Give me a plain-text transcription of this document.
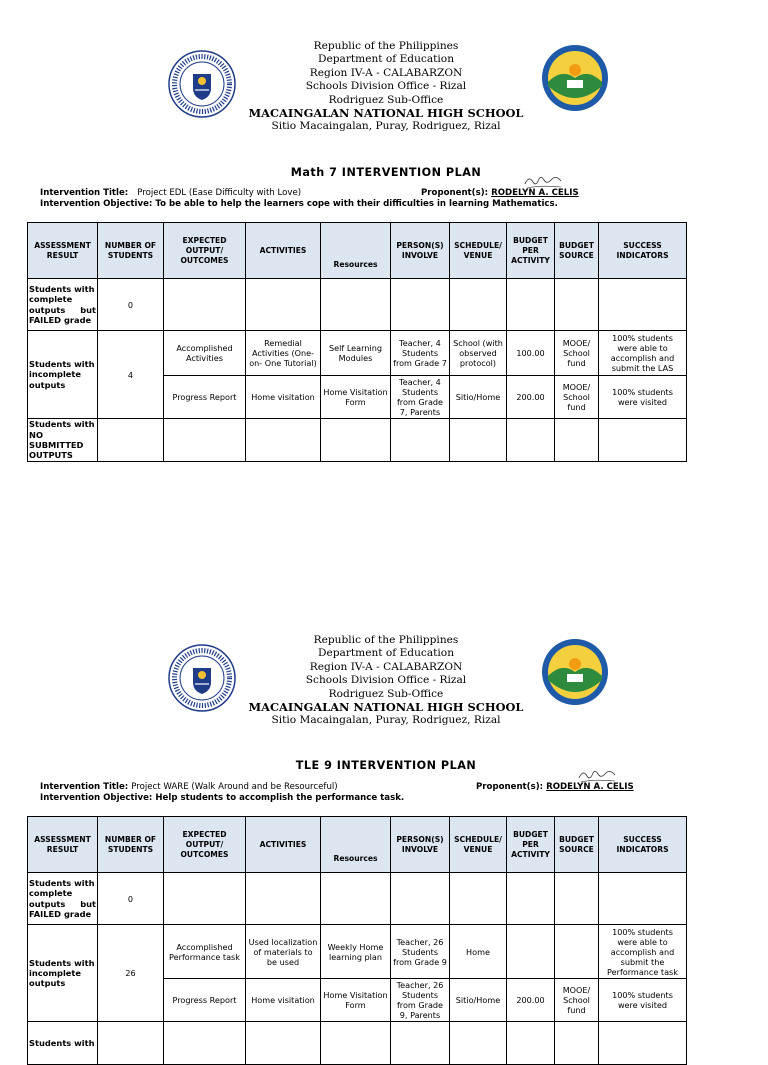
Republic of the Philippines
Department of Education
Region IV-A - CALABARZON
Schools Division Office - Rizal
Rodriguez Sub-Office
MACAINGALAN NATIONAL HIGH SCHOOL
Sitio Macaingalan, Puray, Rodriguez, Rizal
Math 7 INTERVENTION PLAN
Intervention Title: Project EDL (Ease Difficulty with Love)	Proponent(s): RODELYN A. CELIS
Intervention Objective: To be able to help the learners cope with their difficulties in learning Mathematics.
ASSESSMENT RESULT	NUMBER OF STUDENTS	EXPECTED OUTPUT/ OUTCOMES	ACTIVITIES	Resources	PERSON(S) INVOLVE	SCHEDULE/ VENUE	BUDGET PER ACTIVITY	BUDGET SOURCE	SUCCESS INDICATORS

Students with
complete
outputs but
FAILED grade	0								

Students with
incomplete
outputs	4	Accomplished Activities	Remedial Activities (One-on- One Tutorial)	Self Learning Modules	Teacher, 4 Students from Grade 7	School (with observed protocol)	100.00	MOOE/ School fund	100% students were able to accomplish and submit the LAS
		Progress Report	Home visitation	Home Visitation Form	Teacher, 4 Students from Grade 7, Parents	Sitio/Home	200.00	MOOE/ School fund	100% students were visited

Students with
NO
SUBMITTED
OUTPUTS									

Republic of the Philippines
Department of Education
Region IV-A - CALABARZON
Schools Division Office - Rizal
Rodriguez Sub-Office
MACAINGALAN NATIONAL HIGH SCHOOL
Sitio Macaingalan, Puray, Rodriguez, Rizal
TLE 9 INTERVENTION PLAN
Intervention Title: Project WARE (Walk Around and be Resourceful)	Proponent(s): RODELYN A. CELIS
Intervention Objective: Help students to accomplish the performance task.
ASSESSMENT RESULT	NUMBER OF STUDENTS	EXPECTED OUTPUT/ OUTCOMES	ACTIVITIES	Resources	PERSON(S) INVOLVE	SCHEDULE/ VENUE	BUDGET PER ACTIVITY	BUDGET SOURCE	SUCCESS INDICATORS

Students with
complete
outputs but
FAILED grade	0								

Students with
incomplete
outputs	26	Accomplished Performance task	Used localization of materials to be used	Weekly Home learning plan	Teacher, 26 Students from Grade 9	Home			100% students were able to accomplish and submit the Performance task
		Progress Report	Home visitation	Home Visitation Form	Teacher, 26 Students from Grade 9, Parents	Sitio/Home	200.00	MOOE/ School fund	100% students were visited

Students with									
